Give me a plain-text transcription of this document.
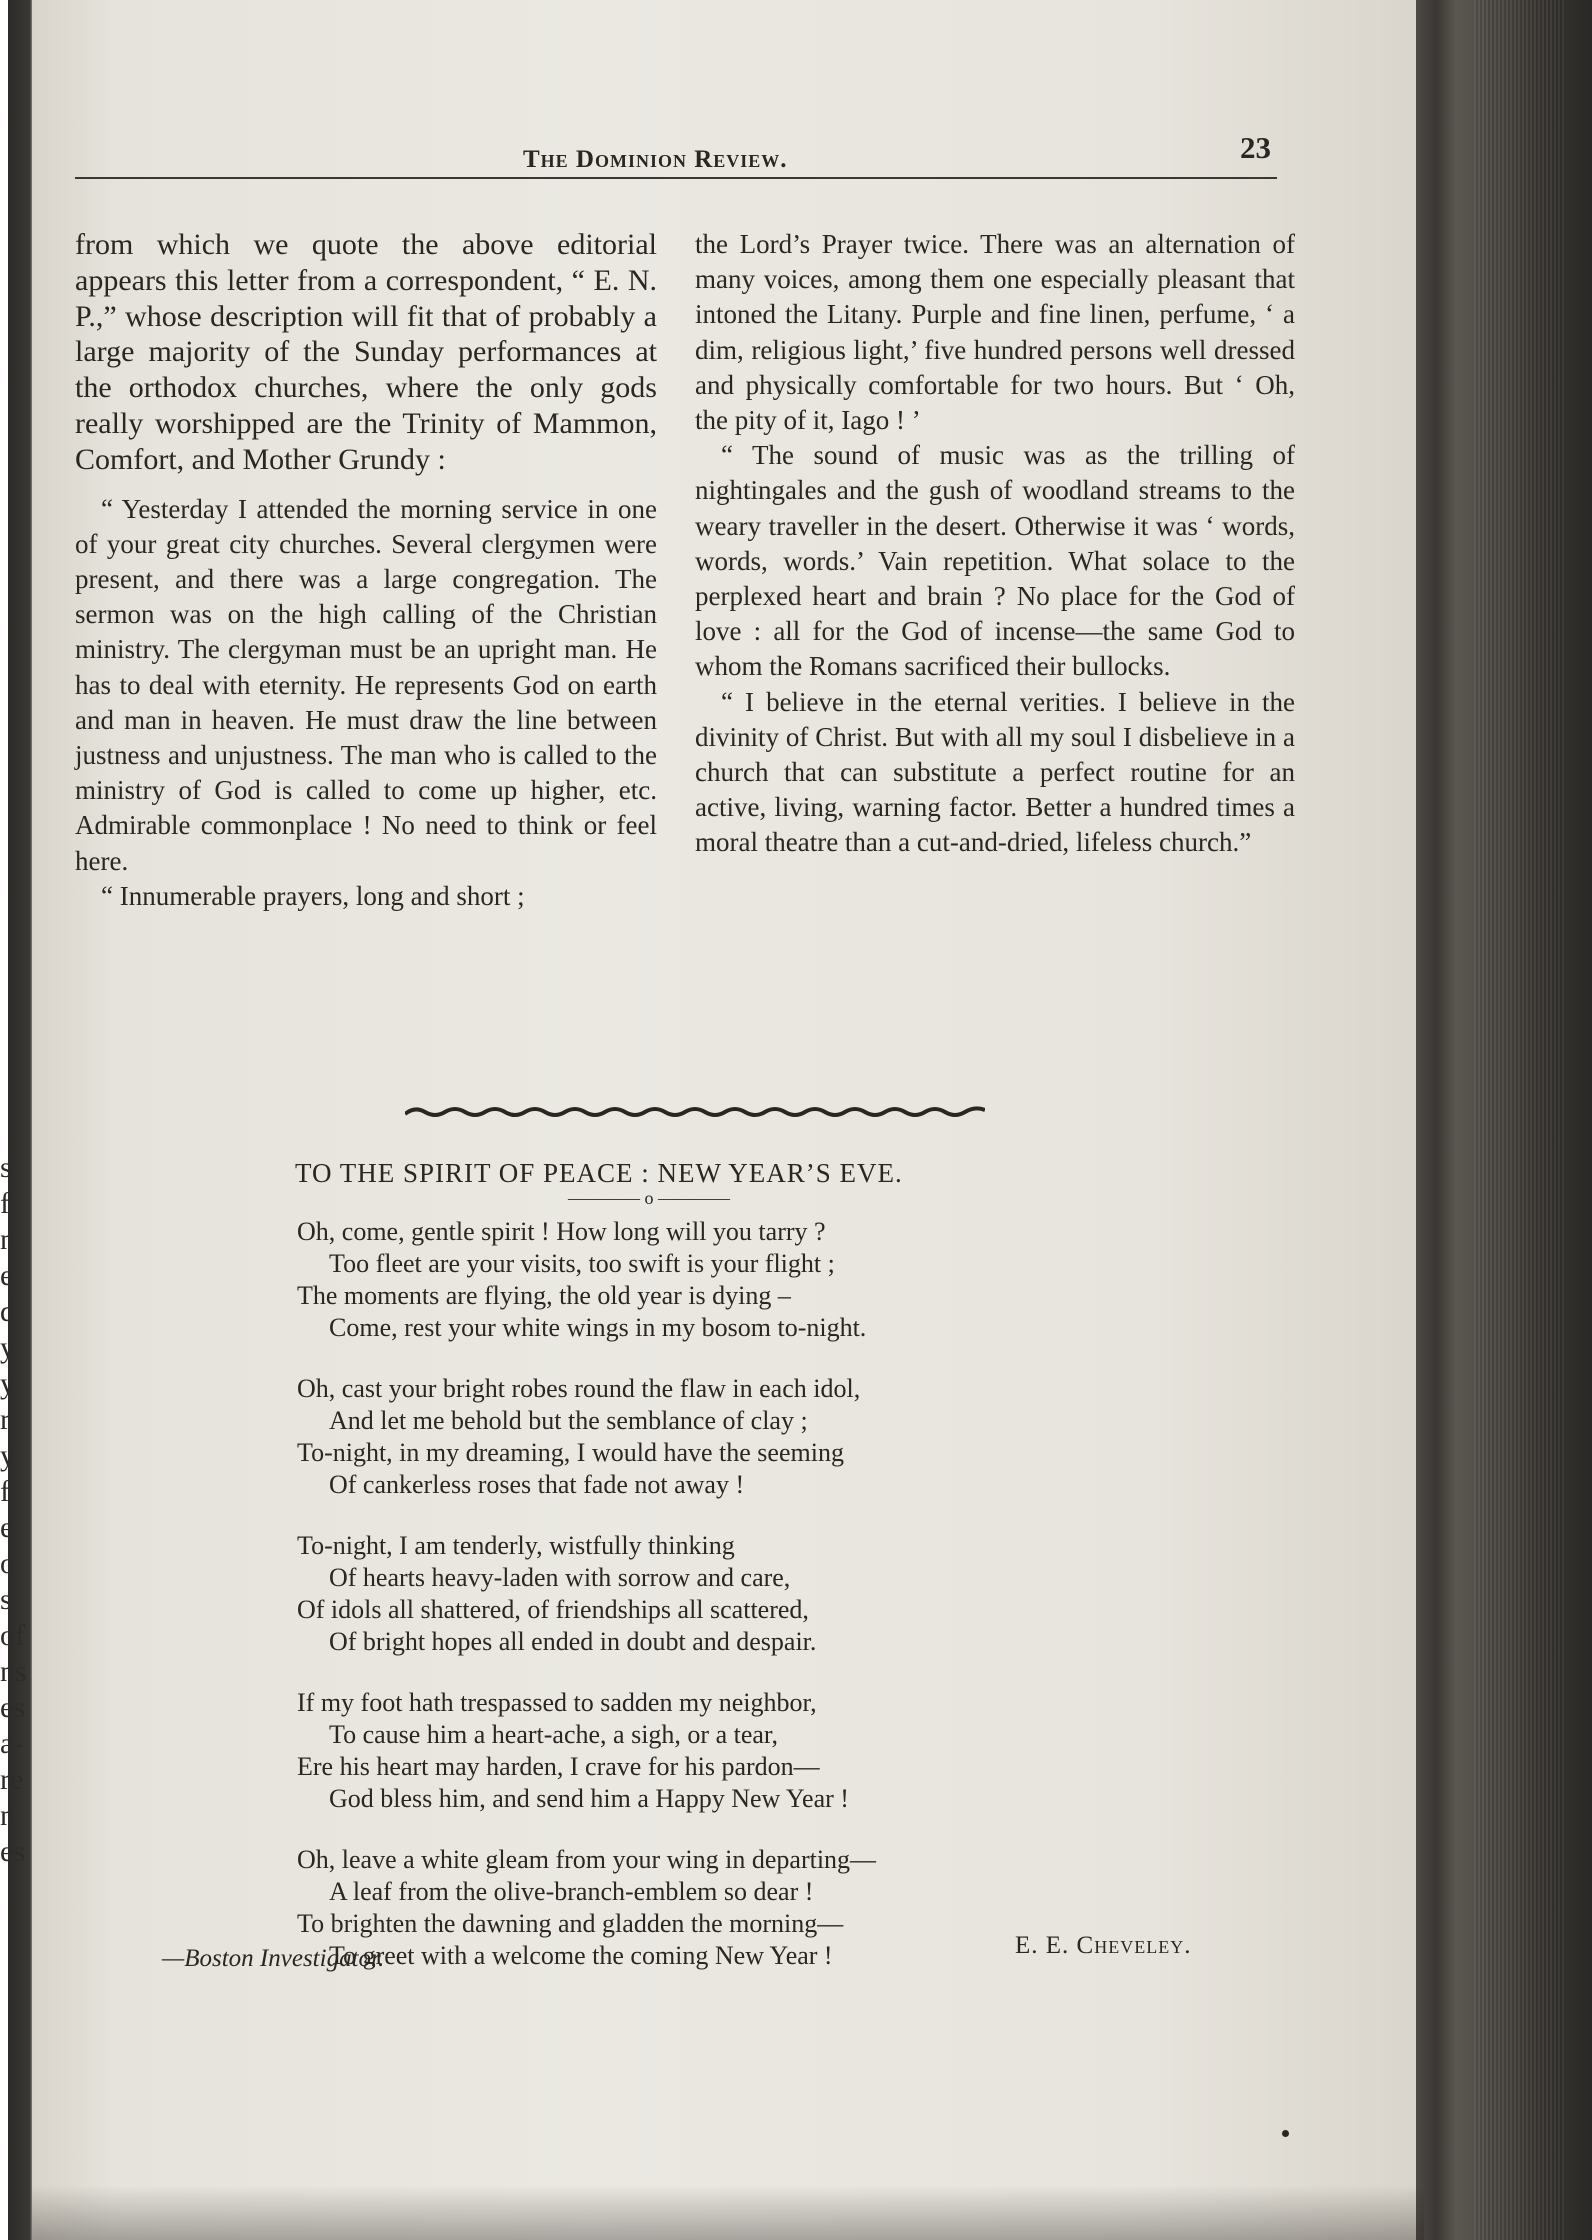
s
f
n
e
d
y
y
r
y
f
e
o
s
of
ns
es
a-
re
n
es
The Dominion Review.	23

from which we quote the above editorial appears this letter from a correspondent, “ E. N. P.,” whose description will fit that of probably a large majority of the Sunday performances at the orthodox churches, where the only gods really worshipped are the Trinity of Mammon, Comfort, and Mother Grundy :

“ Yesterday I attended the morning service in one of your great city churches. Several clergymen were present, and there was a large congregation. The sermon was on the high calling of the Christian ministry. The clergyman must be an upright man. He has to deal with eternity. He represents God on earth and man in heaven. He must draw the line between justness and unjustness. The man who is called to the ministry of God is called to come up higher, etc. Admirable commonplace ! No need to think or feel here.

“ Innumerable prayers, long and short ;

the Lord’s Prayer twice. There was an alternation of many voices, among them one especially pleasant that intoned the Litany. Purple and fine linen, perfume, ‘ a dim, religious light,’ five hundred persons well dressed and physically comfortable for two hours. But ‘ Oh, the pity of it, Iago ! ’

“ The sound of music was as the trilling of nightingales and the gush of woodland streams to the weary traveller in the desert. Otherwise it was ‘ words, words, words.’ Vain repetition. What solace to the perplexed heart and brain ? No place for the God of love : all for the God of incense—the same God to whom the Romans sacrificed their bullocks.

“ I believe in the eternal verities. I believe in the divinity of Christ. But with all my soul I disbelieve in a church that can substitute a perfect routine for an active, living, warning factor. Better a hundred times a moral theatre than a cut-and-dried, lifeless church.”

TO THE SPIRIT OF PEACE : NEW YEAR’S EVE.
———— o ————
Oh, come, gentle spirit ! How long will you tarry ?
Too fleet are your visits, too swift is your flight ;
The moments are flying, the old year is dying –
Come, rest your white wings in my bosom to-night.
Oh, cast your bright robes round the flaw in each idol,
And let me behold but the semblance of clay ;
To-night, in my dreaming, I would have the seeming
Of cankerless roses that fade not away !
To-night, I am tenderly, wistfully thinking
Of hearts heavy-laden with sorrow and care,
Of idols all shattered, of friendships all scattered,
Of bright hopes all ended in doubt and despair.
If my foot hath trespassed to sadden my neighbor,
To cause him a heart-ache, a sigh, or a tear,
Ere his heart may harden, I crave for his pardon—
God bless him, and send him a Happy New Year !
Oh, leave a white gleam from your wing in departing—
A leaf from the olive-branch-emblem so dear !
To brighten the dawning and gladden the morning—
To greet with a welcome the coming New Year !
—Boston Investigator.	E. E. Cheveley.
